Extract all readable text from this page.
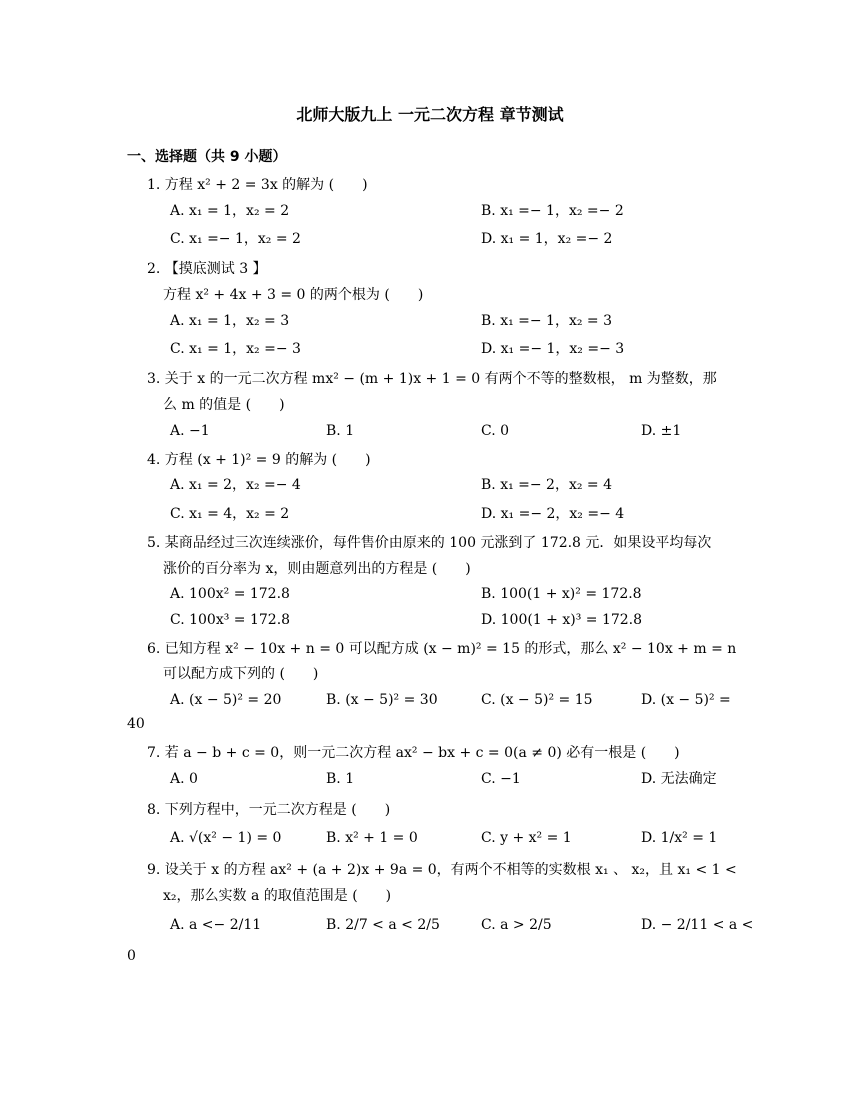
北师大版九上 一元二次方程 章节测试
一、选择题（共 9 小题）
1. 方程 x² + 2 = 3x 的解为 (　　)
A. x₁ = 1，x₂ = 2	B. x₁ =− 1，x₂ =− 2
C. x₁ =− 1，x₂ = 2	D. x₁ = 1，x₂ =− 2
2. 【摸底测试 3 】
方程 x² + 4x + 3 = 0 的两个根为 (　　)
A. x₁ = 1，x₂ = 3	B. x₁ =− 1，x₂ = 3
C. x₁ = 1，x₂ =− 3	D. x₁ =− 1，x₂ =− 3
3. 关于 x 的一元二次方程 mx² − (m + 1)x + 1 = 0 有两个不等的整数根， m 为整数，那
么 m 的值是 (　　)
A. −1	B. 1	C. 0	D. ±1
4. 方程 (x + 1)² = 9 的解为 (　　)
A. x₁ = 2，x₂ =− 4	B. x₁ =− 2，x₂ = 4
C. x₁ = 4，x₂ = 2	D. x₁ =− 2，x₂ =− 4
5. 某商品经过三次连续涨价，每件售价由原来的 100 元涨到了 172.8 元．如果设平均每次
涨价的百分率为 x，则由题意列出的方程是 (　　)
A. 100x² = 172.8	B. 100(1 + x)² = 172.8
C. 100x³ = 172.8	D. 100(1 + x)³ = 172.8
6. 已知方程 x² − 10x + n = 0 可以配方成 (x − m)² = 15 的形式，那么 x² − 10x + m = n
可以配方成下列的 (　　)
A. (x − 5)² = 20	B. (x − 5)² = 30	C. (x − 5)² = 15	D. (x − 5)² =
40
7. 若 a − b + c = 0，则一元二次方程 ax² − bx + c = 0(a ≠ 0) 必有一根是 (　　)
A. 0	B. 1	C. −1	D. 无法确定
8. 下列方程中，一元二次方程是 (　　)
A. √(x² − 1) = 0	B. x² + 1 = 0	C. y + x² = 1	D. 1/x² = 1
9. 设关于 x 的方程 ax² + (a + 2)x + 9a = 0，有两个不相等的实数根 x₁ 、 x₂，且 x₁ < 1 <
x₂，那么实数 a 的取值范围是 (　　)
A. a <− 2/11	B. 2/7 < a < 2/5	C. a > 2/5	D. − 2/11 < a <
0
